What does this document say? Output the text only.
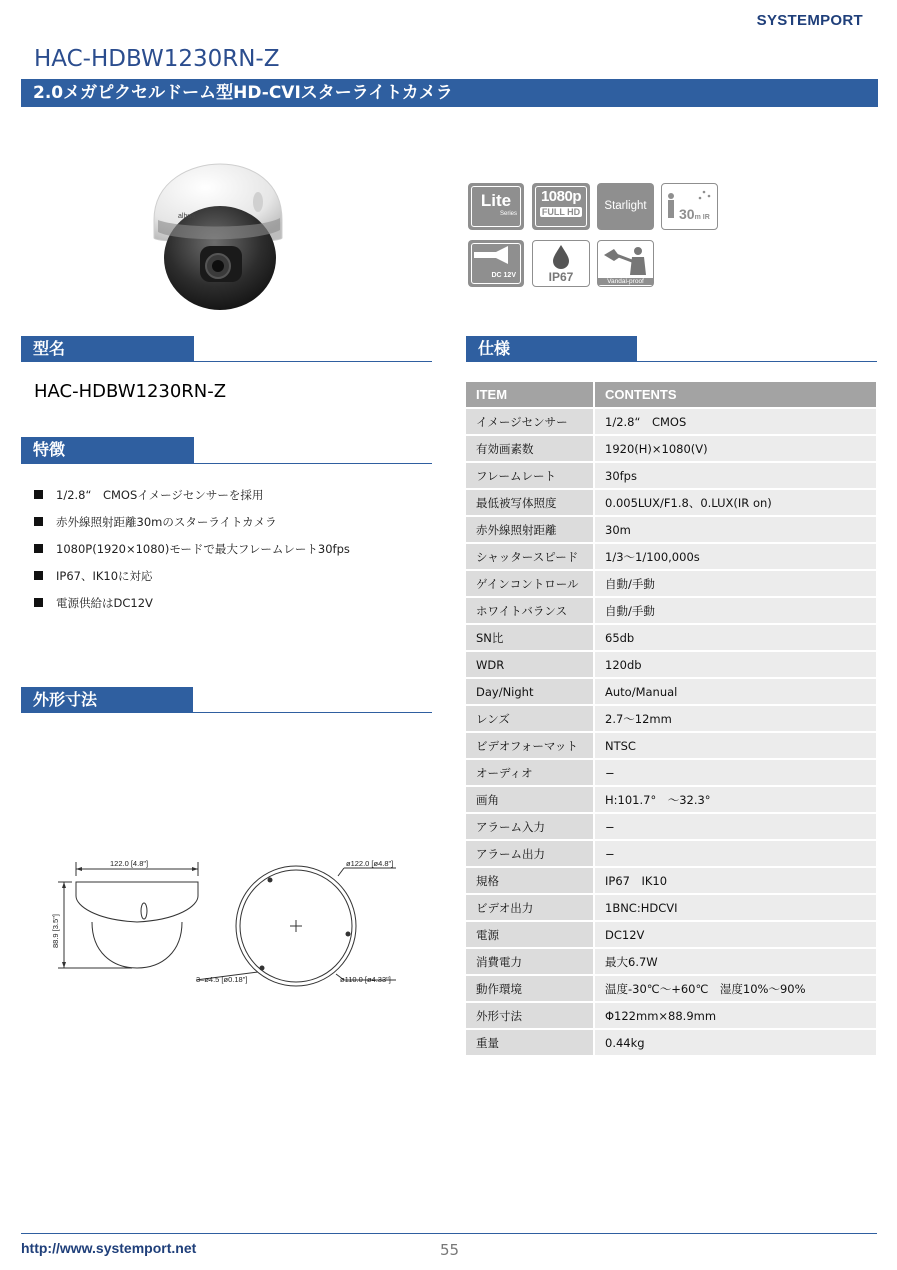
SYSTEMPORT
HAC-HDBW1230RN-Z
2.0メガピクセルドーム型HD-CVIスターライトカメラ
alhua
Lite
Series
1080p
FULL HD	Starlight	30m IR
DC 12V	IP67	Vandal-proof
型名
HAC-HDBW1230RN-Z
特徴
1/2.8“　CMOSイメージセンサーを採用
赤外線照射距離30mのスターライトカメラ
1080P(1920×1080)モードで最大フレームレート30fps
IP67、IK10に対応
電源供給はDC12V
外形寸法
122.0 [4.8"]
88.9 [3.5"]
ø122.0 [ø4.8"]
ø110.0 [ø4.33"]
3–ø4.5 [ø0.18"]
仕様
ITEM	CONTENTS
イメージセンサー	1/2.8“　CMOS
有効画素数	1920(H)×1080(V)
フレームレート	30fps
最低被写体照度	0.005LUX/F1.8、0.LUX(IR on)
赤外線照射距離	30m
シャッタースピード	1/3〜1/100,000s
ゲインコントロール	自動/手動
ホワイトバランス	自動/手動
SN比	65db
WDR	120db
Day/Night	Auto/Manual
レンズ	2.7〜12mm
ビデオフォーマット	NTSC
オーディオ	−
画角	H:101.7°　〜32.3°
アラーム入力	−
アラーム出力	−
規格	IP67　IK10
ビデオ出力	1BNC:HDCVI
電源	DC12V
消費電力	最大6.7W
動作環境	温度-30℃〜+60℃　湿度10%〜90%
外形寸法	Φ122mm×88.9mm
重量	0.44kg
http://www.systemport.net	55
